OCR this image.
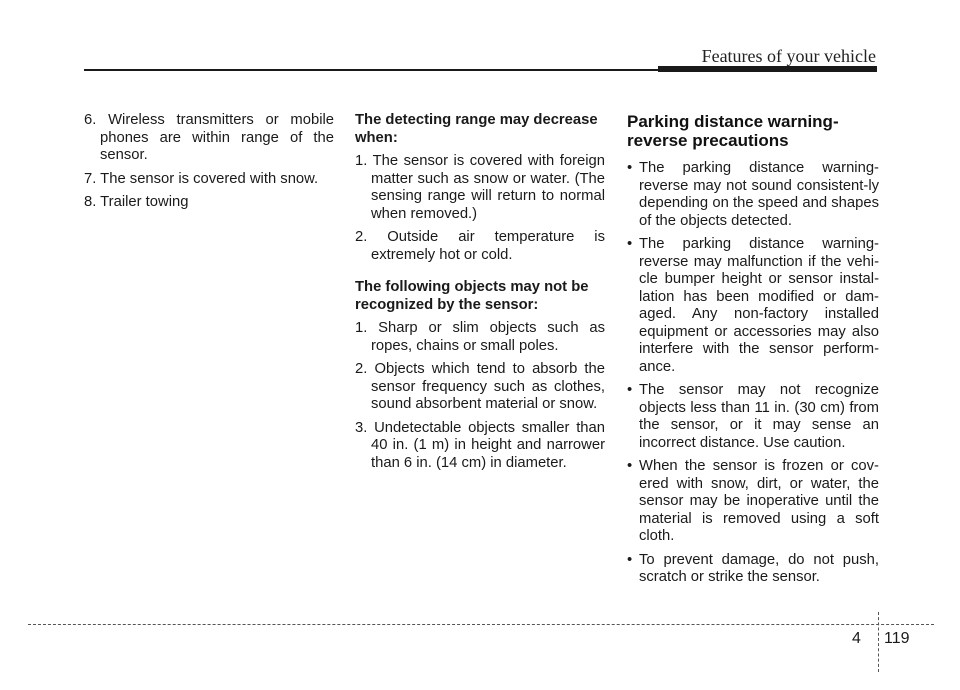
Features of your vehicle

6. Wireless transmitters or mobile phones are within range of the sensor.

7. The sensor is covered with snow.

8. Trailer towing

The detecting range may decrease when:

1. The sensor is covered with foreign matter such as snow or water. (The sensing range will return to normal when removed.)

2. Outside air temperature is extremely hot or cold.

The following objects may not be recognized by the sensor:

1. Sharp or slim objects such as ropes, chains or small poles.

2. Objects which tend to absorb the sensor frequency such as clothes, sound absorbent material or snow.

3. Undetectable objects smaller than 40 in. (1 m) in height and narrower than 6 in. (14 cm) in diameter.

Parking distance warning-reverse precautions

• The parking distance warning-reverse may not sound consistent-ly depending on the speed and shapes of the objects detected.

• The parking distance warning-reverse may malfunction if the vehi-cle bumper height or sensor instal-lation has been modified or dam-aged. Any non-factory installed equipment or accessories may also interfere with the sensor perform-ance.

• The sensor may not recognize objects less than 11 in. (30 cm) from the sensor, or it may sense an incorrect distance. Use caution.

• When the sensor is frozen or cov-ered with snow, dirt, or water, the sensor may be inoperative until the material is removed using a soft cloth.

• To prevent damage, do not push, scratch or strike the sensor.

4 119
